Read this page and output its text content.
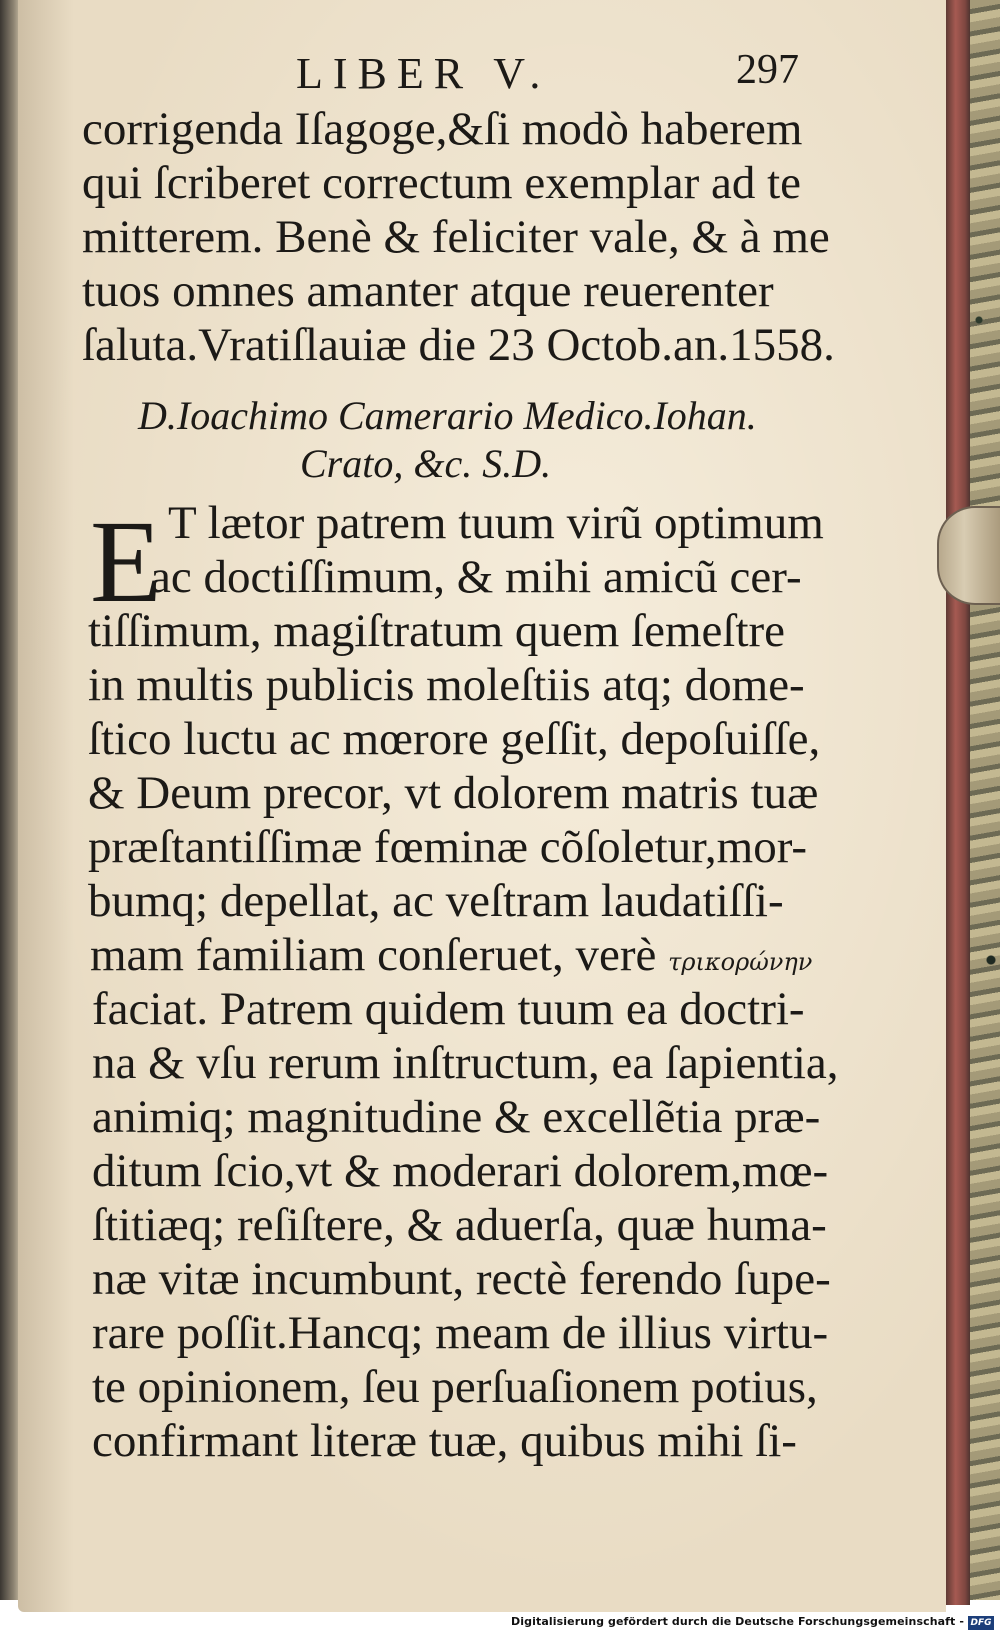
LIBER V.	297
corrigenda Iſagoge,&ſi modò haberem
qui ſcriberet correctum exemplar ad te
mitterem. Benè & feliciter vale, & à me
tuos omnes amanter atque reuerenter
ſaluta.Vratiſlauiæ die 23 Octob.an.1558.
D.Ioachimo Camerario Medico.Iohan.
Crato, &c. S.D.
E T lætor patrem tuum virũ optimum
ac doctiſſimum, & mihi amicũ cer-
tiſſimum, magiſtratum quem ſemeſtre
in multis publicis moleſtiis atq; dome-
ſtico luctu ac mœrore geſſit, depoſuiſſe,
& Deum precor, vt dolorem matris tuæ
præſtantiſſimæ fœminæ cõſoletur,mor-
bumq; depellat, ac veſtram laudatiſſi-
mam familiam conſeruet, verè τρικορώνην
faciat. Patrem quidem tuum ea doctri-
na & vſu rerum inſtructum, ea ſapientia,
animiq; magnitudine & excellẽtia præ-
ditum ſcio,vt & moderari dolorem,mœ-
ſtitiæq; reſiſtere, & aduerſa, quæ huma-
næ vitæ incumbunt, rectè ferendo ſupe-
rare poſſit.Hancq; meam de illius virtu-
te opinionem, ſeu perſuaſionem potius,
confirmant literæ tuæ, quibus mihi ſi-
Digitalisierung gefördert durch die Deutsche Forschungsgemeinschaft - DFG
